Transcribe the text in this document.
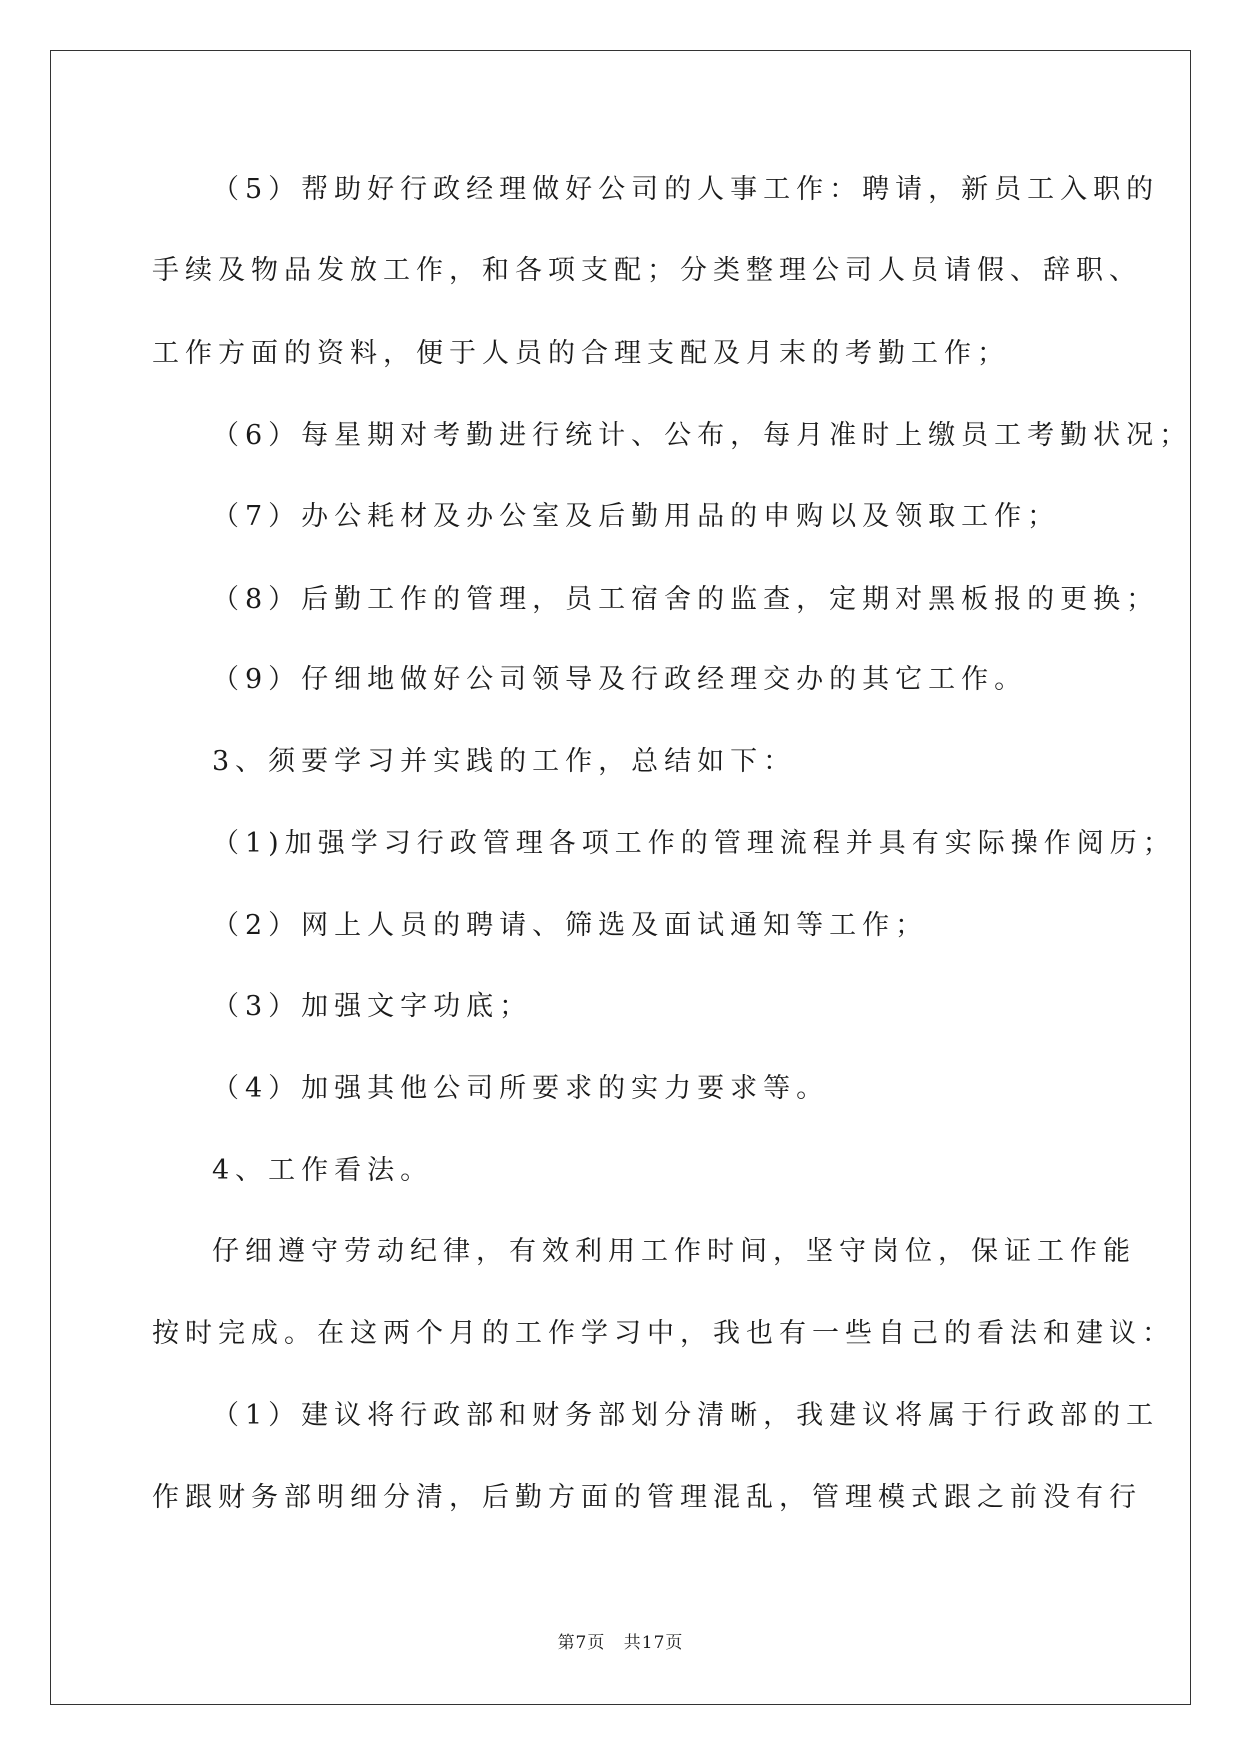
（5）帮助好行政经理做好公司的人事工作：聘请，新员工入职的
手续及物品发放工作，和各项支配；分类整理公司人员请假、辞职、
工作方面的资料，便于人员的合理支配及月末的考勤工作；
（6）每星期对考勤进行统计、公布，每月准时上缴员工考勤状况；
（7）办公耗材及办公室及后勤用品的申购以及领取工作；
（8）后勤工作的管理，员工宿舍的监查，定期对黑板报的更换；
（9）仔细地做好公司领导及行政经理交办的其它工作。
3、须要学习并实践的工作，总结如下：
（1)加强学习行政管理各项工作的管理流程并具有实际操作阅历；
（2）网上人员的聘请、筛选及面试通知等工作；
（3）加强文字功底；
（4）加强其他公司所要求的实力要求等。
4、工作看法。
仔细遵守劳动纪律，有效利用工作时间，坚守岗位，保证工作能
按时完成。在这两个月的工作学习中，我也有一些自己的看法和建议：
（1）建议将行政部和财务部划分清晰，我建议将属于行政部的工
作跟财务部明细分清，后勤方面的管理混乱，管理模式跟之前没有行
第7页 共17页
